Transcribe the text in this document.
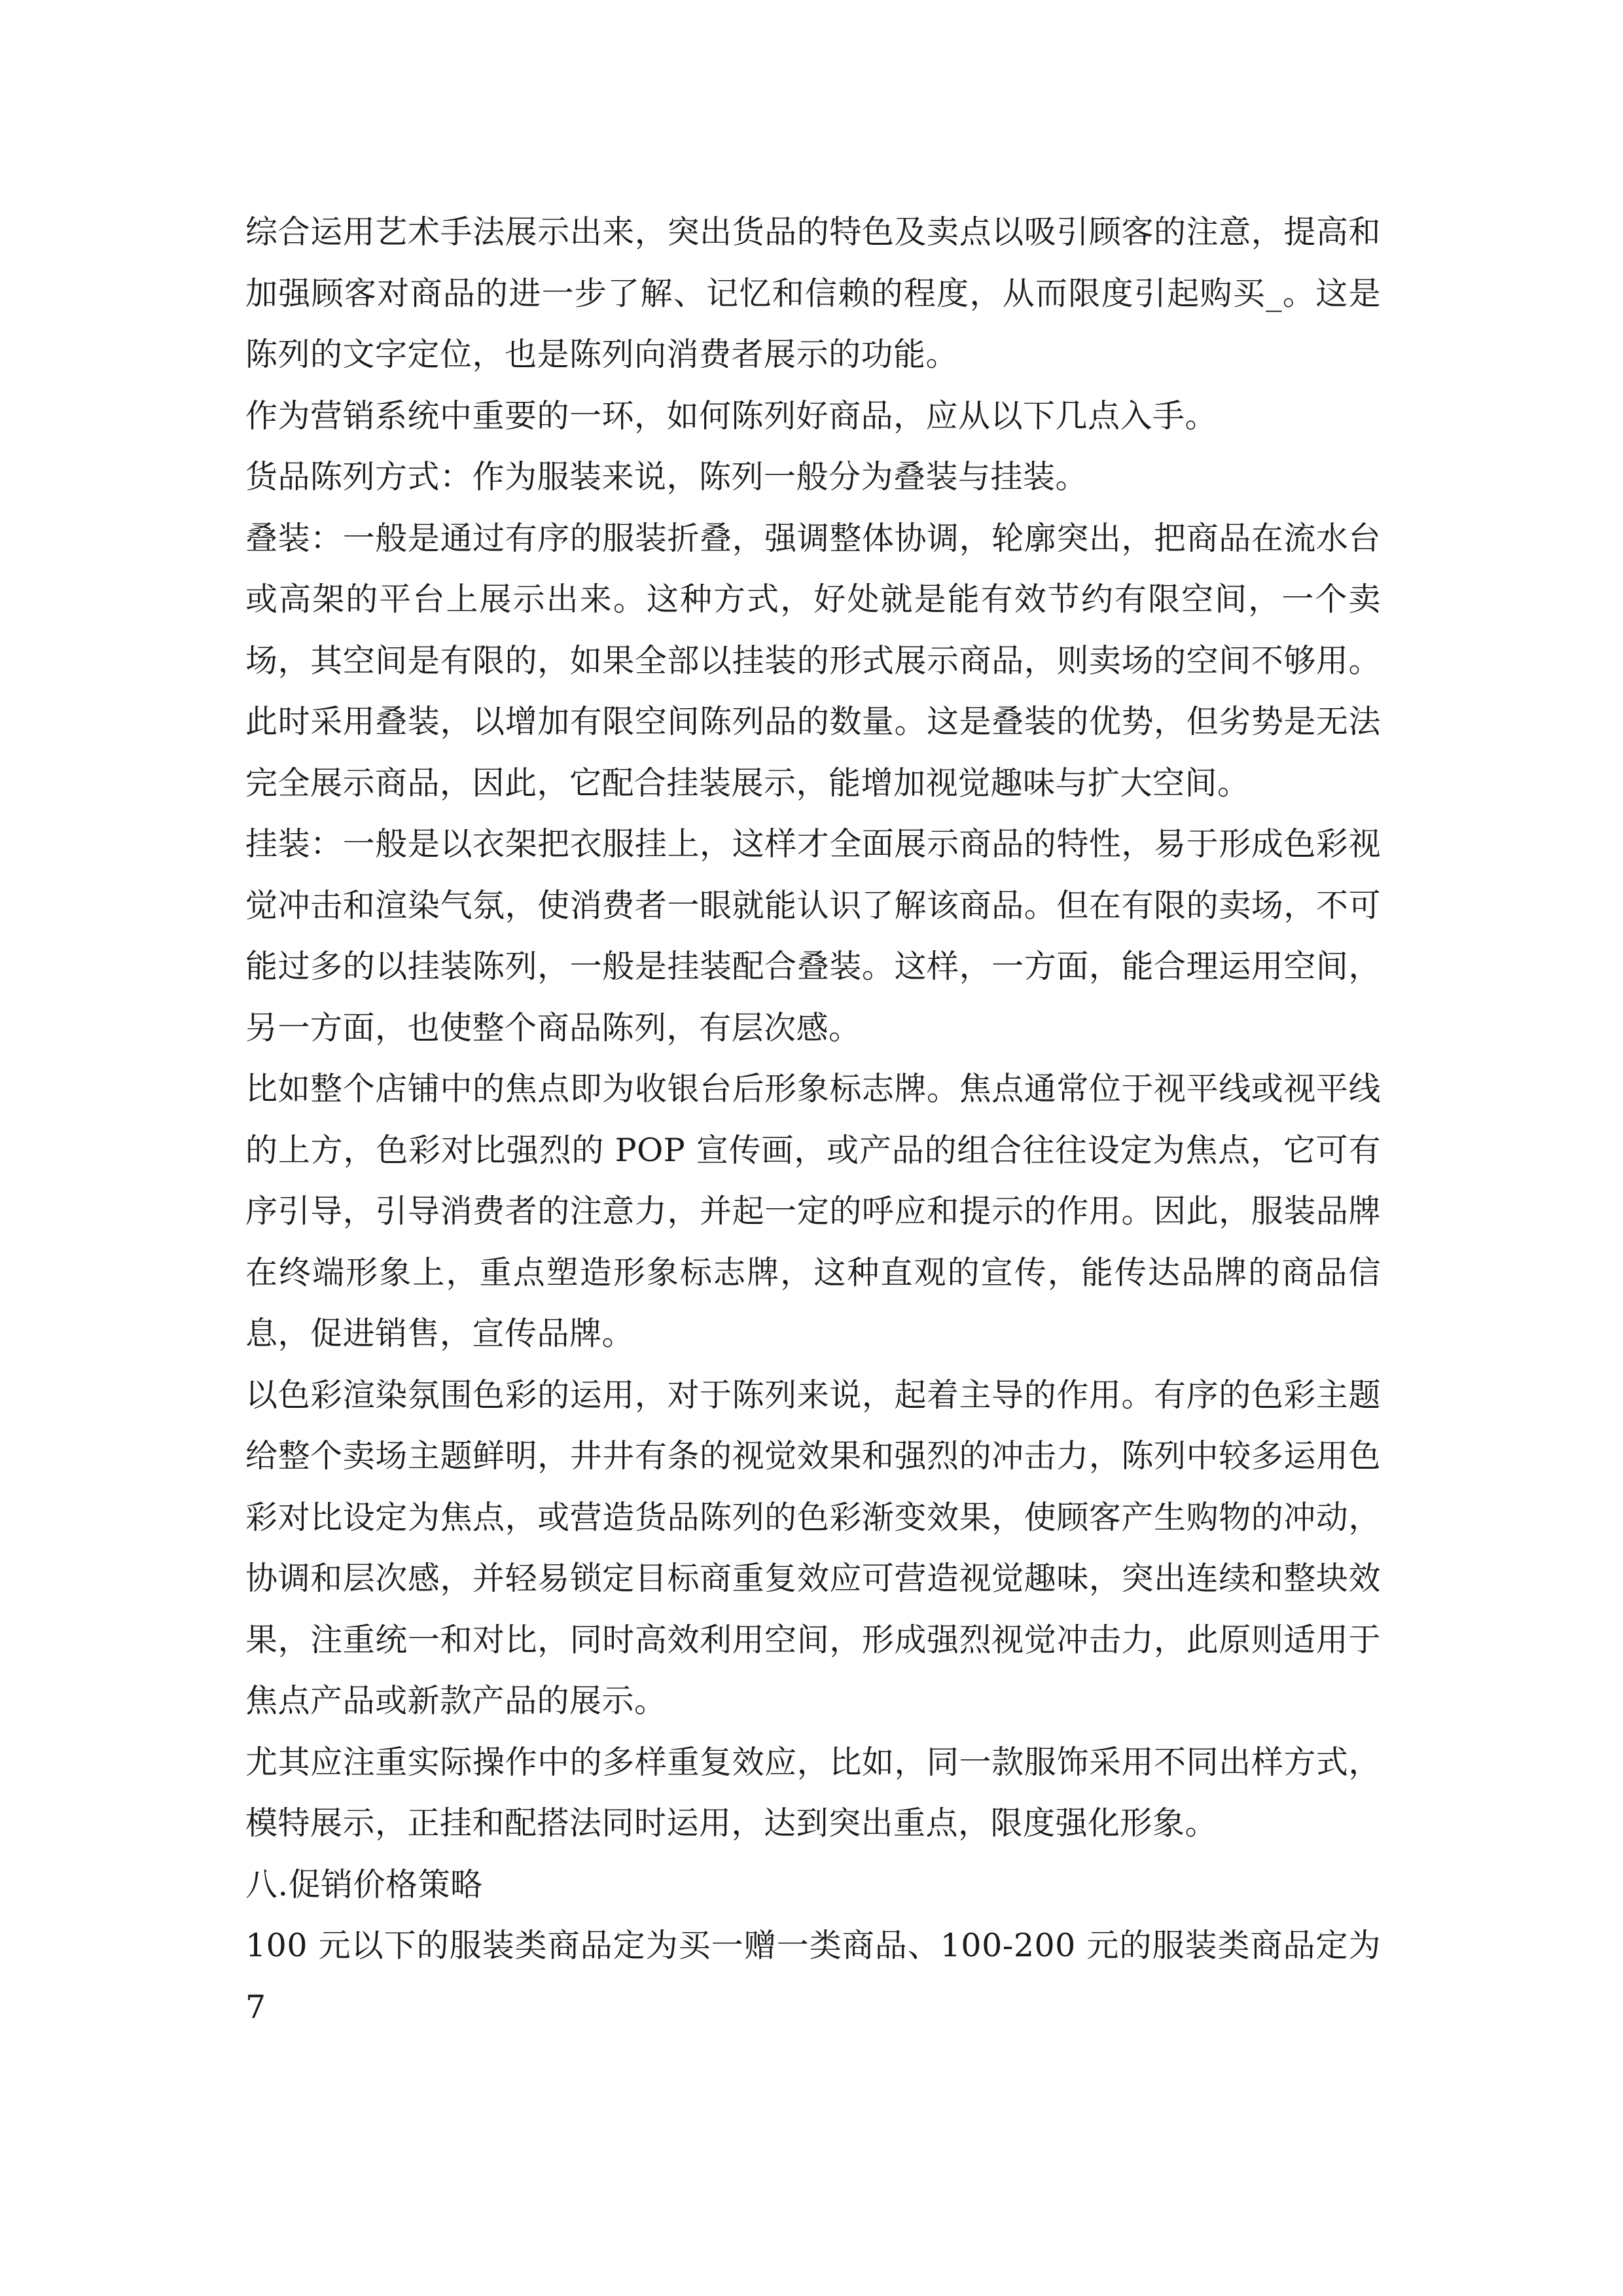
综合运用艺术手法展示出来，突出货品的特色及卖点以吸引顾客的注意，提高和加强顾客对商品的进一步了解、记忆和信赖的程度，从而限度引起购买_。这是陈列的文字定位，也是陈列向消费者展示的功能。

作为营销系统中重要的一环，如何陈列好商品，应从以下几点入手。

货品陈列方式：作为服装来说，陈列一般分为叠装与挂装。

叠装：一般是通过有序的服装折叠，强调整体协调，轮廓突出，把商品在流水台或高架的平台上展示出来。这种方式，好处就是能有效节约有限空间，一个卖场，其空间是有限的，如果全部以挂装的形式展示商品，则卖场的空间不够用。此时采用叠装，以增加有限空间陈列品的数量。这是叠装的优势，但劣势是无法完全展示商品，因此，它配合挂装展示，能增加视觉趣味与扩大空间。

挂装：一般是以衣架把衣服挂上，这样才全面展示商品的特性，易于形成色彩视觉冲击和渲染气氛，使消费者一眼就能认识了解该商品。但在有限的卖场，不可能过多的以挂装陈列，一般是挂装配合叠装。这样，一方面，能合理运用空间，另一方面，也使整个商品陈列，有层次感。

比如整个店铺中的焦点即为收银台后形象标志牌。焦点通常位于视平线或视平线的上方，色彩对比强烈的 POP 宣传画，或产品的组合往往设定为焦点，它可有序引导，引导消费者的注意力，并起一定的呼应和提示的作用。因此，服装品牌在终端形象上，重点塑造形象标志牌，这种直观的宣传，能传达品牌的商品信息，促进销售，宣传品牌。

以色彩渲染氛围色彩的运用，对于陈列来说，起着主导的作用。有序的色彩主题给整个卖场主题鲜明，井井有条的视觉效果和强烈的冲击力，陈列中较多运用色彩对比设定为焦点，或营造货品陈列的色彩渐变效果，使顾客产生购物的冲动，协调和层次感，并轻易锁定目标商重复效应可营造视觉趣味，突出连续和整块效果，注重统一和对比，同时高效利用空间，形成强烈视觉冲击力，此原则适用于焦点产品或新款产品的展示。

尤其应注重实际操作中的多样重复效应，比如，同一款服饰采用不同出样方式，模特展示，正挂和配搭法同时运用，达到突出重点，限度强化形象。

八.促销价格策略

100 元以下的服装类商品定为买一赠一类商品、100-200 元的服装类商品定为 7
